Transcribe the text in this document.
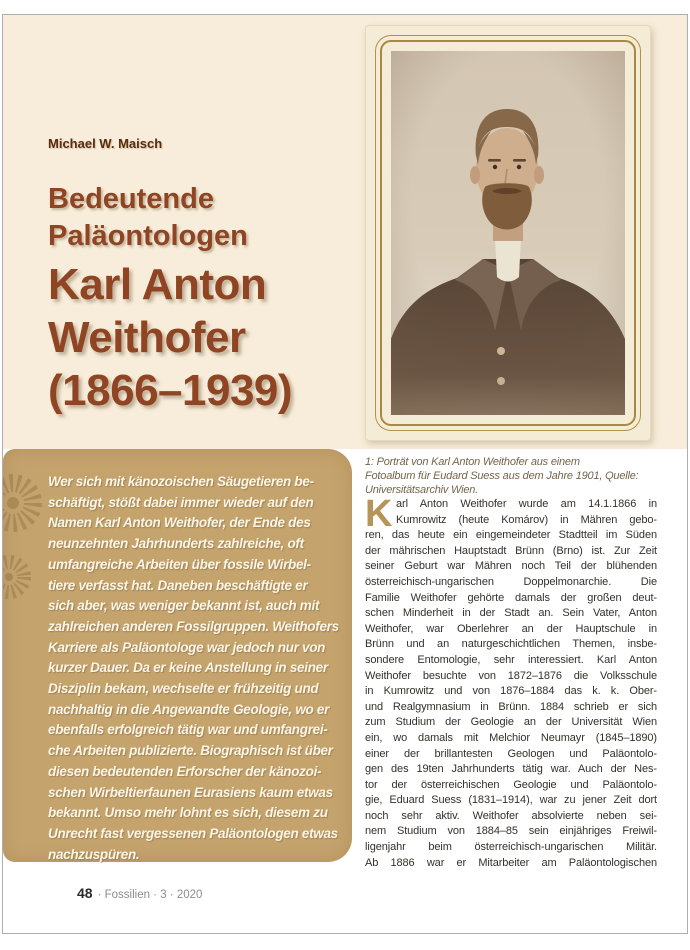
Michael W. Maisch
Bedeutende
Paläontologen
Karl Anton
Weithofer
(1866–1939)
1: Porträt von Karl Anton Weithofer aus einem
Fotoalbum für Eudard Suess aus dem Jahre 1901, Quelle:
Universitätsarchiv Wien.
K arl Anton Weithofer wurde am 14.1.1866 in
Kumrowitz (heute Komárov) in Mähren gebo-
ren, das heute ein eingemeindeter Stadtteil im Süden
der mährischen Hauptstadt Brünn (Brno) ist. Zur Zeit
seiner Geburt war Mähren noch Teil der blühenden
österreichisch-ungarischen Doppelmonarchie. Die
Familie Weithofer gehörte damals der großen deut-
schen Minderheit in der Stadt an. Sein Vater, Anton
Weithofer, war Oberlehrer an der Hauptschule in
Brünn und an naturgeschichtlichen Themen, insbe-
sondere Entomologie, sehr interessiert. Karl Anton
Weithofer besuchte von 1872–1876 die Volksschule
in Kumrowitz und von 1876–1884 das k. k. Ober-
und Realgymnasium in Brünn. 1884 schrieb er sich
zum Studium der Geologie an der Universität Wien
ein, wo damals mit Melchior Neumayr (1845–1890)
einer der brillantesten Geologen und Paläontolo-
gen des 19ten Jahrhunderts tätig war. Auch der Nes-
tor der österreichischen Geologie und Paläontolo-
gie, Eduard Suess (1831–1914), war zu jener Zeit dort
noch sehr aktiv. Weithofer absolvierte neben sei-
nem Studium von 1884–85 sein einjähriges Freiwil-
ligenjahr beim österreichisch-ungarischen Militär.
Ab 1886 war er Mitarbeiter am Paläontologischen
Wer sich mit känozoischen Säugetieren be-
schäftigt, stößt dabei immer wieder auf den
Namen Karl Anton Weithofer, der Ende des
neunzehnten Jahrhunderts zahlreiche, oft
umfangreiche Arbeiten über fossile Wirbel-
tiere verfasst hat. Daneben beschäftigte er
sich aber, was weniger bekannt ist, auch mit
zahlreichen anderen Fossilgruppen. Weithofers
Karriere als Paläontologe war jedoch nur von
kurzer Dauer. Da er keine Anstellung in seiner
Disziplin bekam, wechselte er frühzeitig und
nachhaltig in die Angewandte Geologie, wo er
ebenfalls erfolgreich tätig war und umfangrei-
che Arbeiten publizierte. Biographisch ist über
diesen bedeutenden Erforscher der känozoi-
schen Wirbeltierfaunen Eurasiens kaum etwas
bekannt. Umso mehr lohnt es sich, diesem zu
Unrecht fast vergessenen Paläontologen etwas
nachzuspüren.
48 · Fossilien · 3 · 2020
